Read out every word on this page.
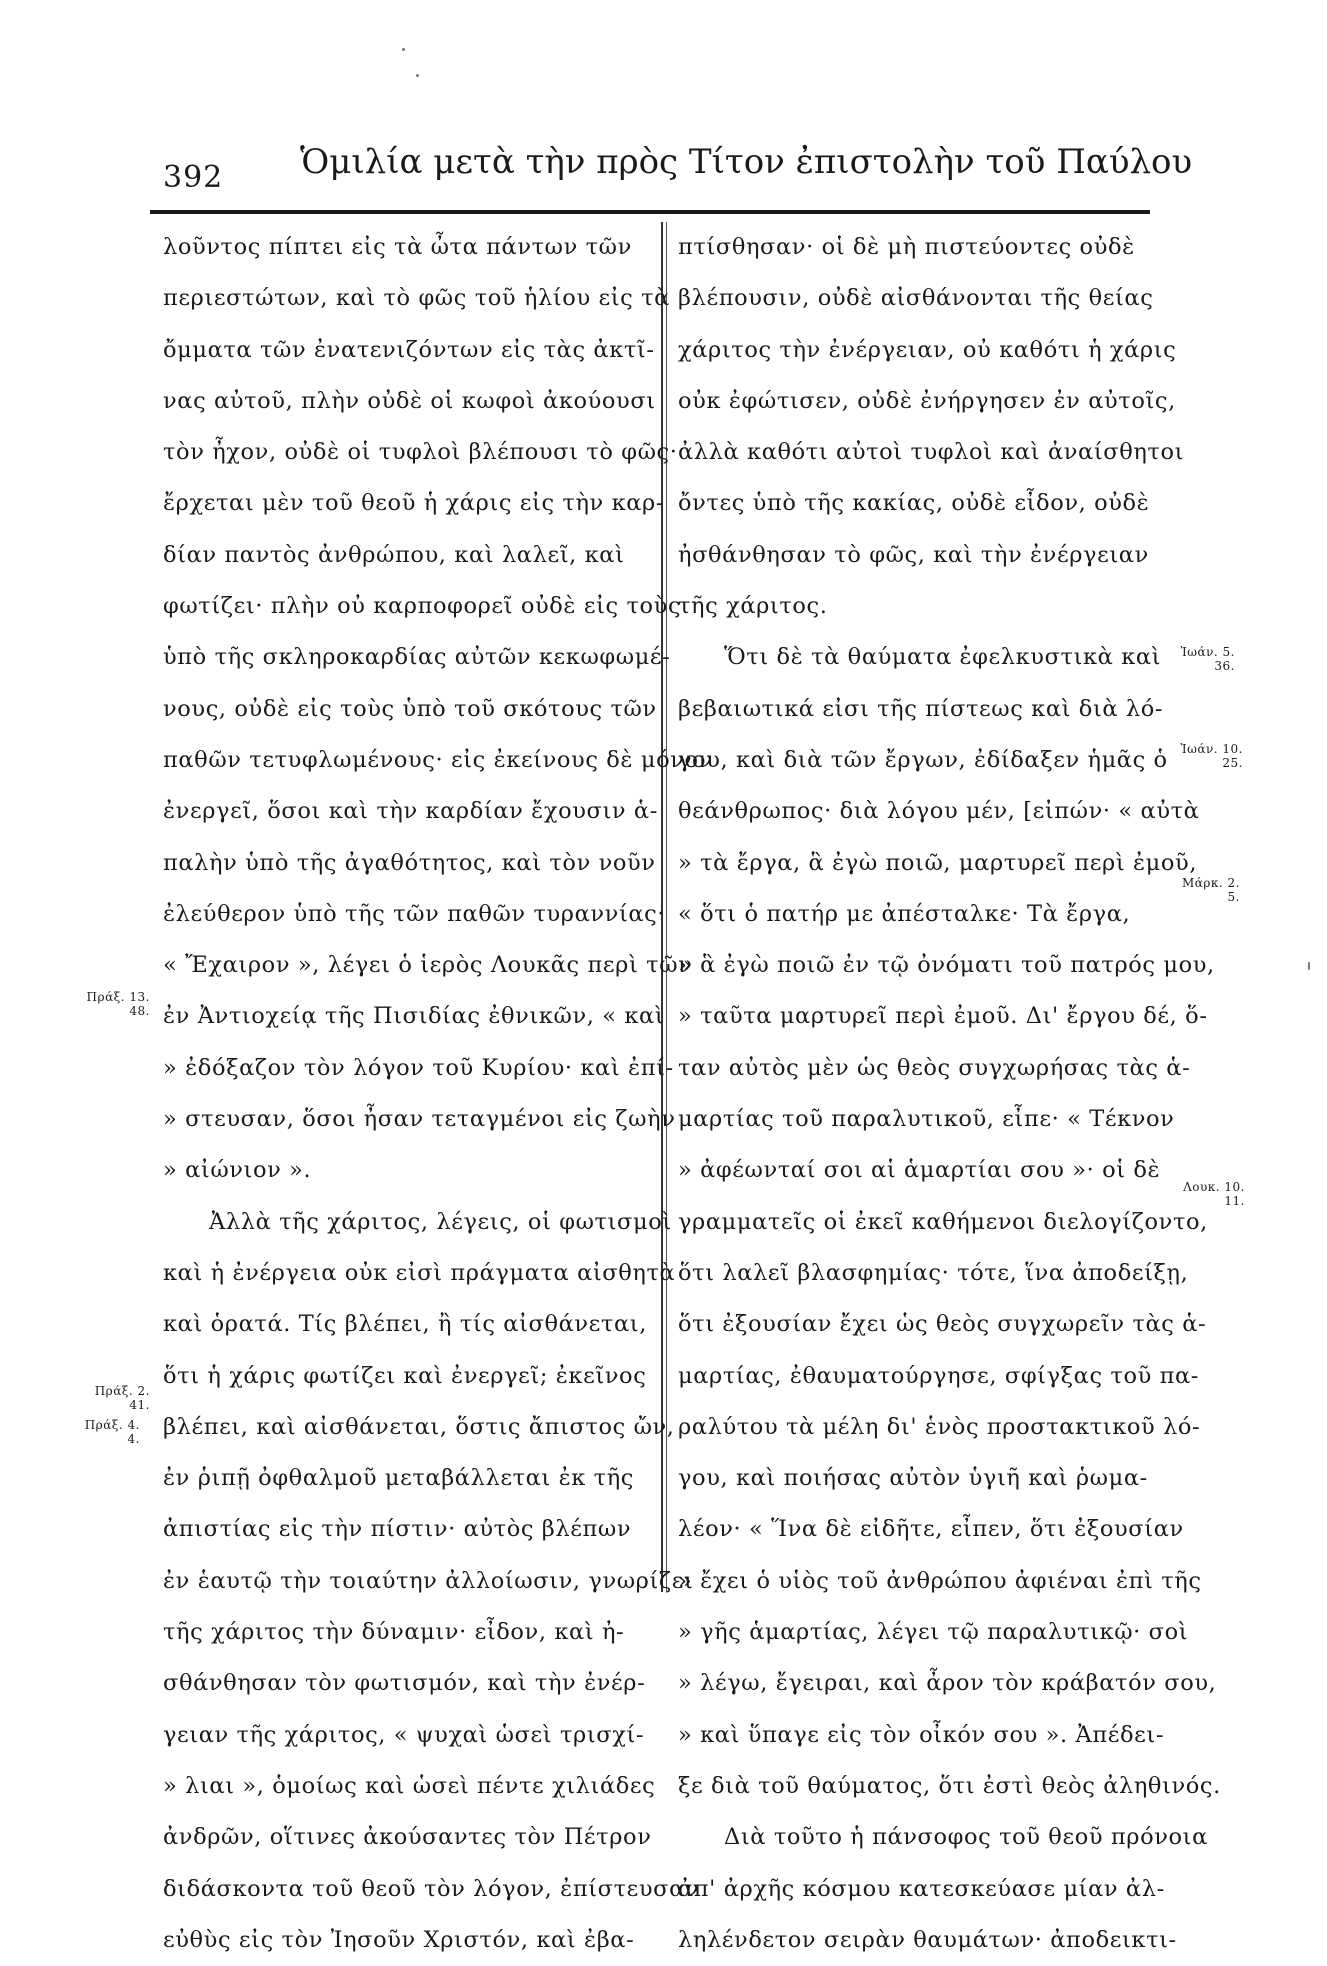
392 Ὁμιλία μετὰ τὴν πρὸς Τίτον ἐπιστολὴν τοῦ Παύλου
λοῦντος πίπτει εἰς τὰ ὦτα πάντων τῶν
περιεστώτων, καὶ τὸ φῶς τοῦ ἡλίου εἰς τὰ
ὄμματα τῶν ἐνατενιζόντων εἰς τὰς ἀκτῖ-
νας αὐτοῦ, πλὴν οὐδὲ οἱ κωφοὶ ἀκούουσι
τὸν ἦχον, οὐδὲ οἱ τυφλοὶ βλέπουσι τὸ φῶς·
ἔρχεται μὲν τοῦ θεοῦ ἡ χάρις εἰς τὴν καρ-
δίαν παντὸς ἀνθρώπου, καὶ λαλεῖ, καὶ
φωτίζει· πλὴν οὐ καρποφορεῖ οὐδὲ εἰς τοὺς
ὑπὸ τῆς σκληροκαρδίας αὐτῶν κεκωφωμέ-
νους, οὐδὲ εἰς τοὺς ὑπὸ τοῦ σκότους τῶν
παθῶν τετυφλωμένους· εἰς ἐκείνους δὲ μόνον
ἐνεργεῖ, ὅσοι καὶ τὴν καρδίαν ἔχουσιν ἁ-
παλὴν ὑπὸ τῆς ἀγαθότητος, καὶ τὸν νοῦν
ἐλεύθερον ὑπὸ τῆς τῶν παθῶν τυραννίας·
« Ἔχαιρον », λέγει ὁ ἱερὸς Λουκᾶς περὶ τῶν
ἐν Ἀντιοχείᾳ τῆς Πισιδίας ἐθνικῶν, « καὶ
» ἐδόξαζον τὸν λόγον τοῦ Κυρίου· καὶ ἐπί-
» στευσαν, ὅσοι ἦσαν τεταγμένοι εἰς ζωὴν
» αἰώνιον ».
Ἀλλὰ τῆς χάριτος, λέγεις, οἱ φωτισμοὶ
καὶ ἡ ἐνέργεια οὐκ εἰσὶ πράγματα αἰσθητὰ
καὶ ὁρατά. Τίς βλέπει, ἢ τίς αἰσθάνεται,
ὅτι ἡ χάρις φωτίζει καὶ ἐνεργεῖ; ἐκεῖνος
βλέπει, καὶ αἰσθάνεται, ὅστις ἄπιστος ὤν,
ἐν ῥιπῇ ὀφθαλμοῦ μεταβάλλεται ἐκ τῆς
ἀπιστίας εἰς τὴν πίστιν· αὐτὸς βλέπων
ἐν ἑαυτῷ τὴν τοιαύτην ἀλλοίωσιν, γνωρίζει
τῆς χάριτος τὴν δύναμιν· εἶδον, καὶ ἠ-
σθάνθησαν τὸν φωτισμόν, καὶ τὴν ἐνέρ-
γειαν τῆς χάριτος, « ψυχαὶ ὡσεὶ τρισχί-
» λιαι », ὁμοίως καὶ ὡσεὶ πέντε χιλιάδες
ἀνδρῶν, οἵτινες ἀκούσαντες τὸν Πέτρον
διδάσκοντα τοῦ θεοῦ τὸν λόγον, ἐπίστευσαν
εὐθὺς εἰς τὸν Ἰησοῦν Χριστόν, καὶ ἐβα-
πτίσθησαν· οἱ δὲ μὴ πιστεύοντες οὐδὲ
βλέπουσιν, οὐδὲ αἰσθάνονται τῆς θείας
χάριτος τὴν ἐνέργειαν, οὐ καθότι ἡ χάρις
οὐκ ἐφώτισεν, οὐδὲ ἐνήργησεν ἐν αὐτοῖς,
ἀλλὰ καθότι αὐτοὶ τυφλοὶ καὶ ἀναίσθητοι
ὄντες ὑπὸ τῆς κακίας, οὐδὲ εἶδον, οὐδὲ
ἠσθάνθησαν τὸ φῶς, καὶ τὴν ἐνέργειαν
τῆς χάριτος.
Ὅτι δὲ τὰ θαύματα ἐφελκυστικὰ καὶ
βεβαιωτικά εἰσι τῆς πίστεως καὶ διὰ λό-
γου, καὶ διὰ τῶν ἔργων, ἐδίδαξεν ἡμᾶς ὁ
θεάνθρωπος· διὰ λόγου μέν, [εἰπών· « αὐτὰ
» τὰ ἔργα, ἃ ἐγὼ ποιῶ, μαρτυρεῖ περὶ ἐμοῦ,
« ὅτι ὁ πατήρ με ἀπέσταλκε· Τὰ ἔργα,
» ἃ ἐγὼ ποιῶ ἐν τῷ ὀνόματι τοῦ πατρός μου,
» ταῦτα μαρτυρεῖ περὶ ἐμοῦ. Δι' ἔργου δέ, ὅ-
ταν αὐτὸς μὲν ὡς θεὸς συγχωρήσας τὰς ἁ-
μαρτίας τοῦ παραλυτικοῦ, εἶπε· « Τέκνον
» ἀφέωνταί σοι αἱ ἁμαρτίαι σου »· οἱ δὲ
γραμματεῖς οἱ ἐκεῖ καθήμενοι διελογίζοντο,
ὅτι λαλεῖ βλασφημίας· τότε, ἵνα ἀποδείξῃ,
ὅτι ἐξουσίαν ἔχει ὡς θεὸς συγχωρεῖν τὰς ἁ-
μαρτίας, ἐθαυματούργησε, σφίγξας τοῦ πα-
ραλύτου τὰ μέλη δι' ἑνὸς προστακτικοῦ λό-
γου, καὶ ποιήσας αὐτὸν ὑγιῆ καὶ ῥωμα-
λέον· « Ἵνα δὲ εἰδῆτε, εἶπεν, ὅτι ἐξουσίαν
» ἔχει ὁ υἱὸς τοῦ ἀνθρώπου ἀφιέναι ἐπὶ τῆς
» γῆς ἁμαρτίας, λέγει τῷ παραλυτικῷ· σοὶ
» λέγω, ἔγειραι, καὶ ἆρον τὸν κράβατόν σου,
» καὶ ὕπαγε εἰς τὸν οἶκόν σου ». Ἀπέδει-
ξε διὰ τοῦ θαύματος, ὅτι ἐστὶ θεὸς ἀληθινός.
Διὰ τοῦτο ἡ πάνσοφος τοῦ θεοῦ πρόνοια
ἀπ' ἀρχῆς κόσμου κατεσκεύασε μίαν ἀλ-
ληλένδετον σειρὰν θαυμάτων· ἀποδεικτι-
Πράξ. 13.
48.
Πράξ. 2.
41.
Πράξ. 4.
4.
Ἰωάν. 5.
36.
Ἰωάν. 10.
25.
Μάρκ. 2.
5.
Λουκ. 10.
11.
